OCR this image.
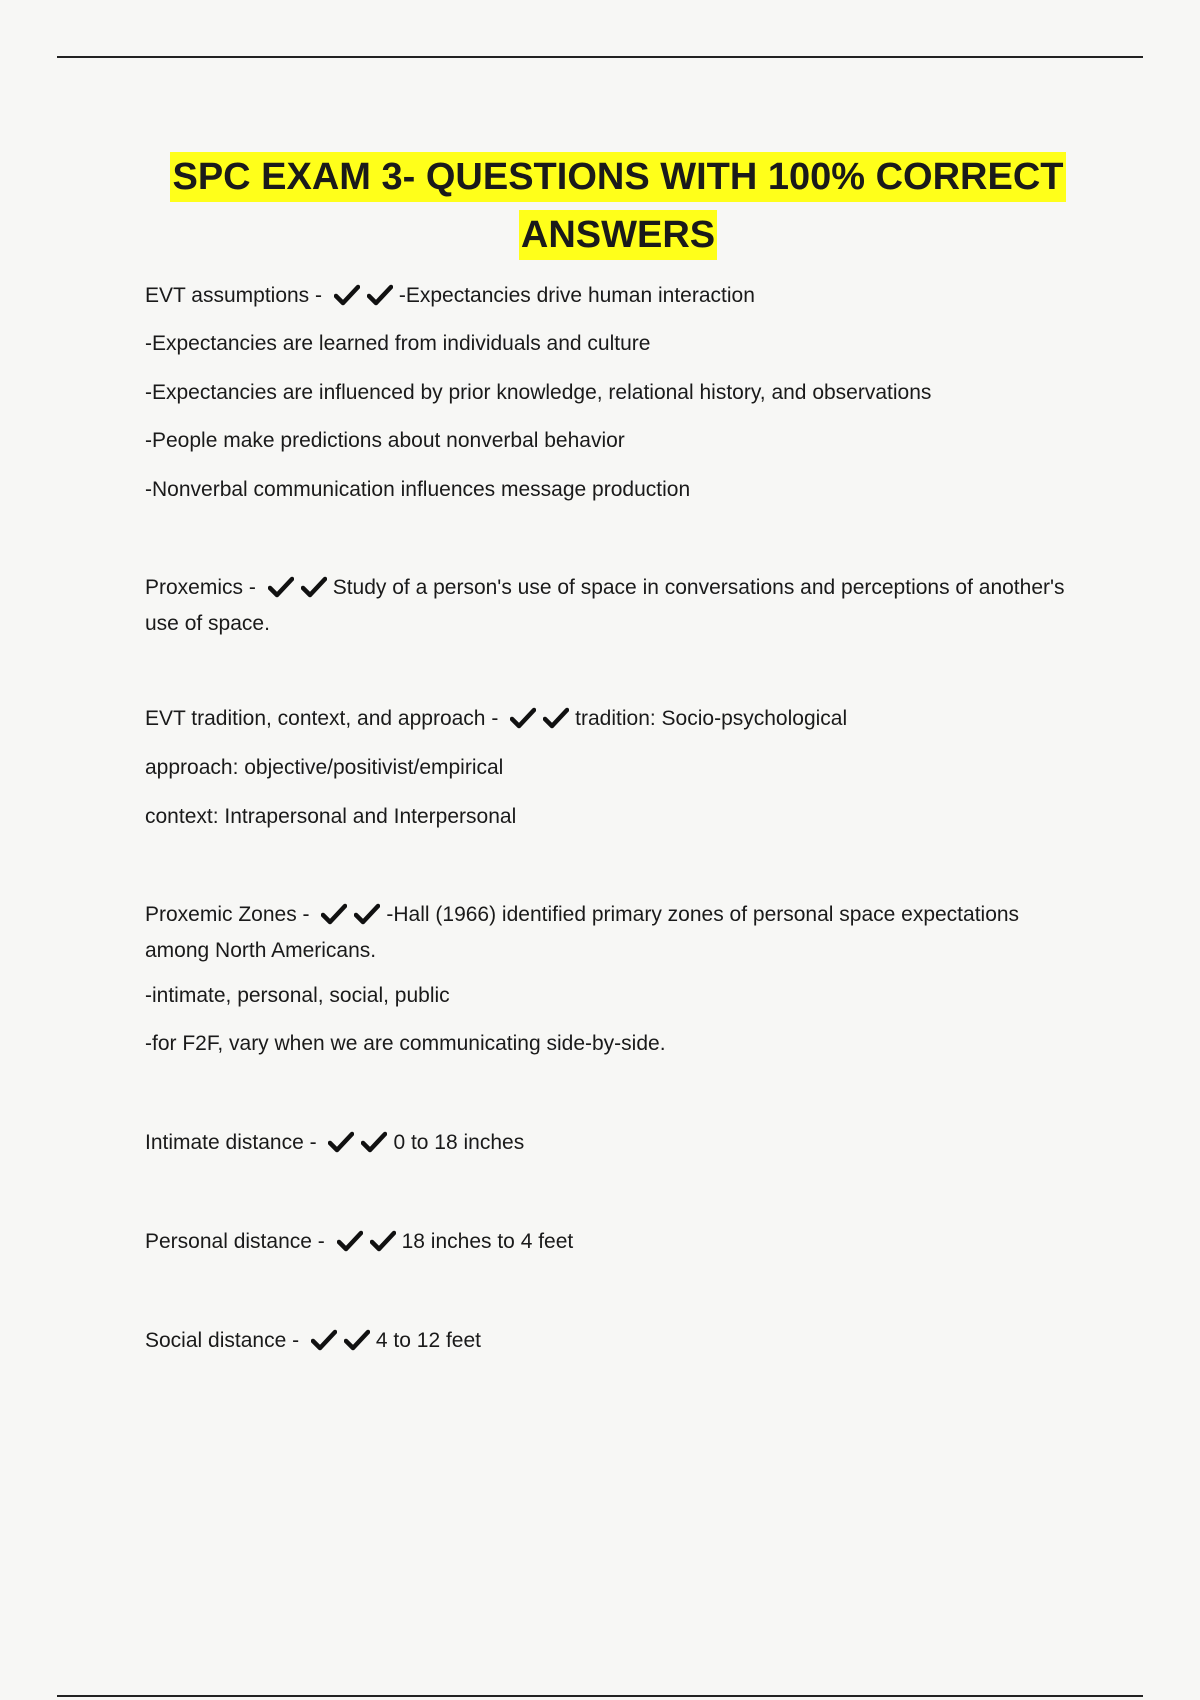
SPC EXAM 3- QUESTIONS WITH 100% CORRECT ANSWERS
EVT assumptions -	-Expectancies drive human interaction
-Expectancies are learned from individuals and culture
-Expectancies are influenced by prior knowledge, relational history, and observations
-People make predictions about nonverbal behavior
-Nonverbal communication influences message production
Proxemics -	Study of a person's use of space in conversations and perceptions of another's use of space.
EVT tradition, context, and approach -	tradition: Socio-psychological
approach: objective/positivist/empirical
context: Intrapersonal and Interpersonal
Proxemic Zones -	-Hall (1966) identified primary zones of personal space expectations among North Americans.
-intimate, personal, social, public
-for F2F, vary when we are communicating side-by-side.
Intimate distance -	0 to 18 inches
Personal distance -	18 inches to 4 feet
Social distance -	4 to 12 feet
